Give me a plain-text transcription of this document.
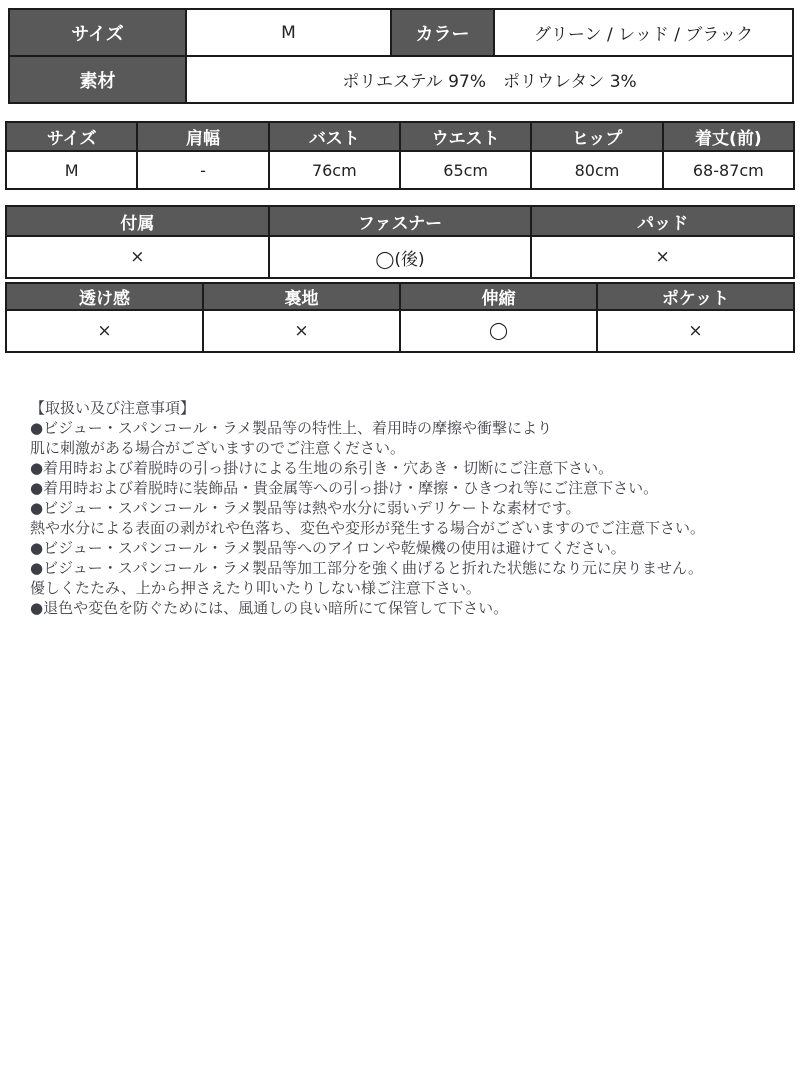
サイズ	M	カラー	グリーン / レッド / ブラック
素材	ポリエステル 97%　ポリウレタン 3%		
サイズ	肩幅	バスト	ウエスト	ヒップ	着丈(前)
M	-	76cm	65cm	80cm	68-87cm
付属	ファスナー	パッド
×	◯(後)	×
透け感	裏地	伸縮	ポケット
×	×	◯	×
【取扱い及び注意事項】
●ビジュー・スパンコール・ラメ製品等の特性上、着用時の摩擦や衝撃により
肌に刺激がある場合がございますのでご注意ください。
●着用時および着脱時の引っ掛けによる生地の糸引き・穴あき・切断にご注意下さい。
●着用時および着脱時に装飾品・貴金属等への引っ掛け・摩擦・ひきつれ等にご注意下さい。
●ビジュー・スパンコール・ラメ製品等は熱や水分に弱いデリケートな素材です。
熱や水分による表面の剥がれや色落ち、変色や変形が発生する場合がございますのでご注意下さい。
●ビジュー・スパンコール・ラメ製品等へのアイロンや乾燥機の使用は避けてください。
●ビジュー・スパンコール・ラメ製品等加工部分を強く曲げると折れた状態になり元に戻りません。
優しくたたみ、上から押さえたり叩いたりしない様ご注意下さい。
●退色や変色を防ぐためには、風通しの良い暗所にて保管して下さい。
